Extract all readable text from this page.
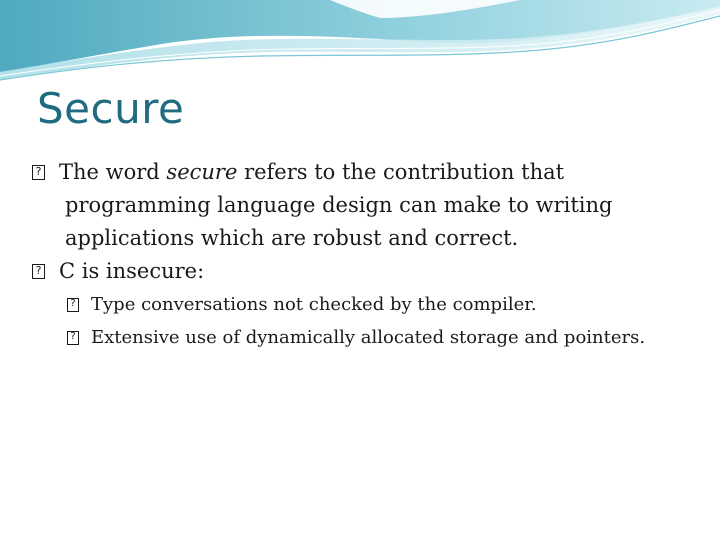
Secure

? The word secure refers to the contribution that programming language design can make to writing applications which are robust and correct.

? C is insecure:

? Type conversations not checked by the compiler.

? Extensive use of dynamically allocated storage and pointers.
